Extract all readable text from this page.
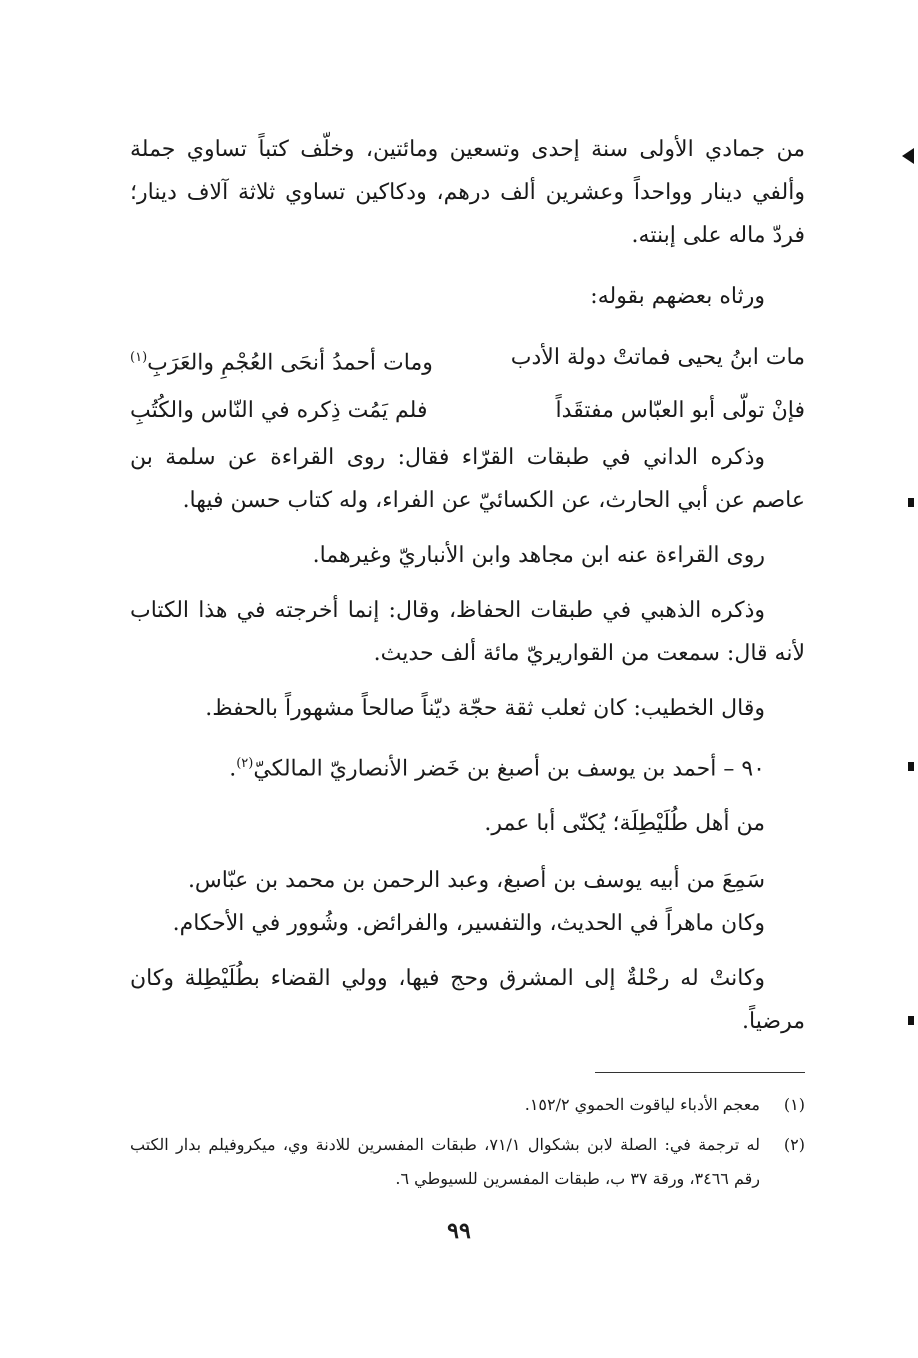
من جمادي الأولى سنة إحدى وتسعين ومائتين، وخلّف كتباً تساوي جملة وألفي دينار وواحداً وعشرين ألف درهم، ودكاكين تساوي ثلاثة آلاف دينار؛ فردّ ماله على إبنته.

ورثاه بعضهم بقوله:

مات ابنُ يحيى فماتتْ دولة الأدب
ومات أحمدُ أنحَى العُجْمِ والعَرَبِ$^{(١)}$
فإنْ تولّى أبو العبّاس مفتقَداً
فلم يَمُت ذِكره في النّاس والكُتُبِ

وذكره الداني في طبقات القرّاء فقال: روى القراءة عن سلمة بن عاصم عن أبي الحارث، عن الكسائيّ عن الفراء، وله كتاب حسن فيها.

روى القراءة عنه ابن مجاهد وابن الأنباريّ وغيرهما.

وذكره الذهبي في طبقات الحفاظ، وقال: إنما أخرجته في هذا الكتاب لأنه قال: سمعت من القواريريّ مائة ألف حديث.

وقال الخطيب: كان ثعلب ثقة حجّة ديّناً صالحاً مشهوراً بالحفظ.

٩٠ – أحمد بن يوسف بن أصبغ بن خَضر الأنصاريّ المالكيّ$^{(٢)}$.

من أهل طُلَيْطِلَة؛ يُكنّى أبا عمر.

سَمِعَ من أبيه يوسف بن أصبغ، وعبد الرحمن بن محمد بن عبّاس.

وكان ماهراً في الحديث، والتفسير، والفرائض. وشُوور في الأحكام.

وكانتْ له رحْلةٌ إلى المشرق وحج فيها، وولي القضاء بطُلَيْطِلة وكان مرضياً.

(١)
معجم الأدباء لياقوت الحموي ١٥٢/٢.
(٢)
له ترجمة في: الصلة لابن بشكوال ٧١/١، طبقات المفسرين للادنة وي، ميكروفيلم بدار الكتب رقم ٣٤٦٦، ورقة ٣٧ ب، طبقات المفسرين للسيوطي ٦.
٩٩
